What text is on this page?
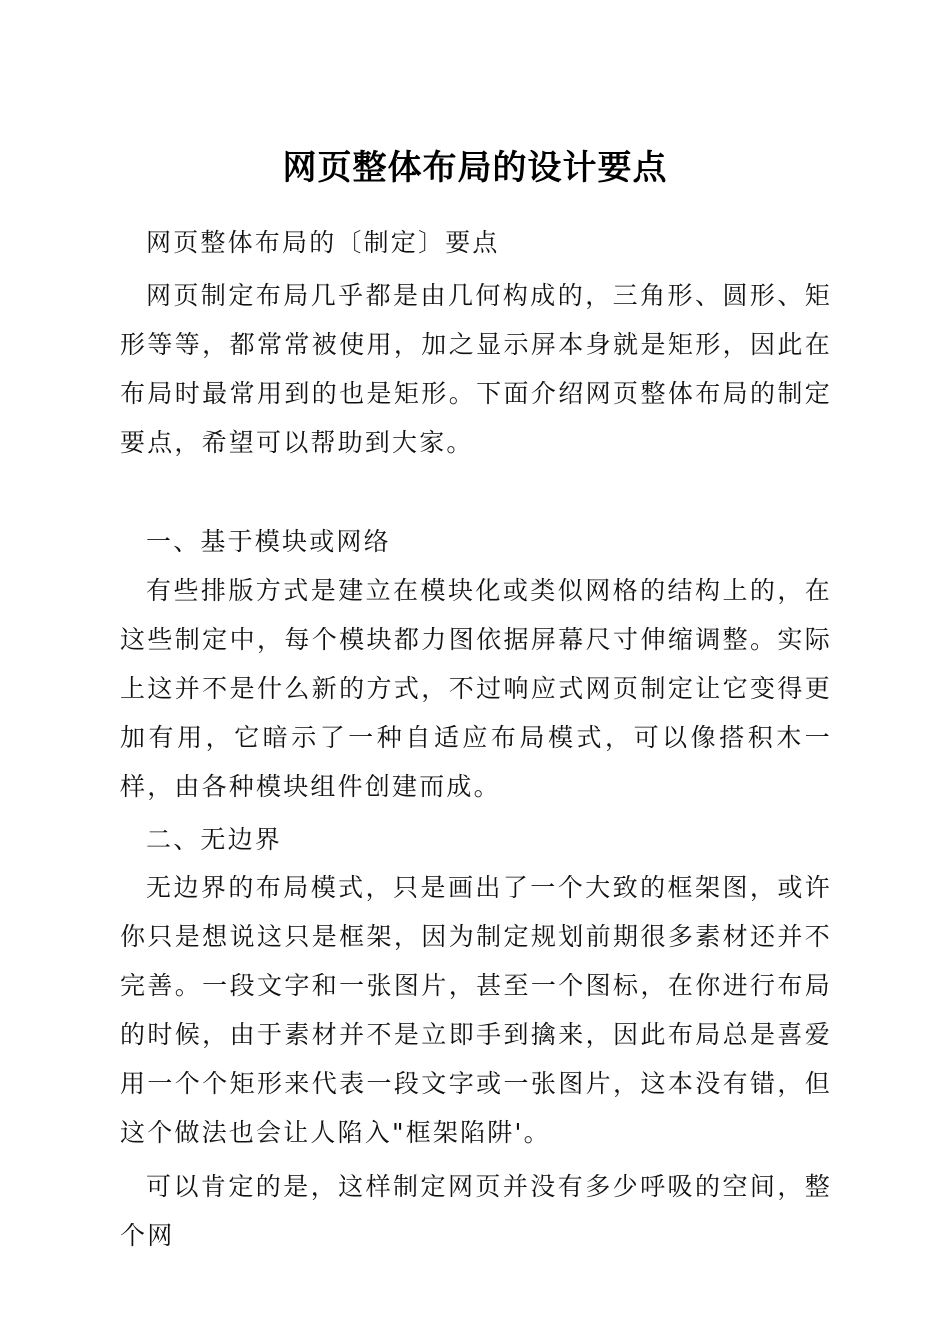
网页整体布局的设计要点

网页整体布局的〔制定〕要点

网页制定布局几乎都是由几何构成的，三角形、圆形、矩形等等，都常常被使用，加之显示屏本身就是矩形，因此在布局时最常用到的也是矩形。下面介绍网页整体布局的制定要点，希望可以帮助到大家。

一、基于模块或网络

有些排版方式是建立在模块化或类似网格的结构上的，在这些制定中，每个模块都力图依据屏幕尺寸伸缩调整。实际上这并不是什么新的方式，不过响应式网页制定让它变得更加有用，它暗示了一种自适应布局模式，可以像搭积木一样，由各种模块组件创建而成。

二、无边界

无边界的布局模式，只是画出了一个大致的框架图，或许你只是想说这只是框架，因为制定规划前期很多素材还并不完善。一段文字和一张图片，甚至一个图标，在你进行布局的时候，由于素材并不是立即手到擒来，因此布局总是喜爱用一个个矩形来代表一段文字或一张图片，这本没有错，但这个做法也会让人陷入"框架陷阱'。

可以肯定的是，这样制定网页并没有多少呼吸的空间，整个网
